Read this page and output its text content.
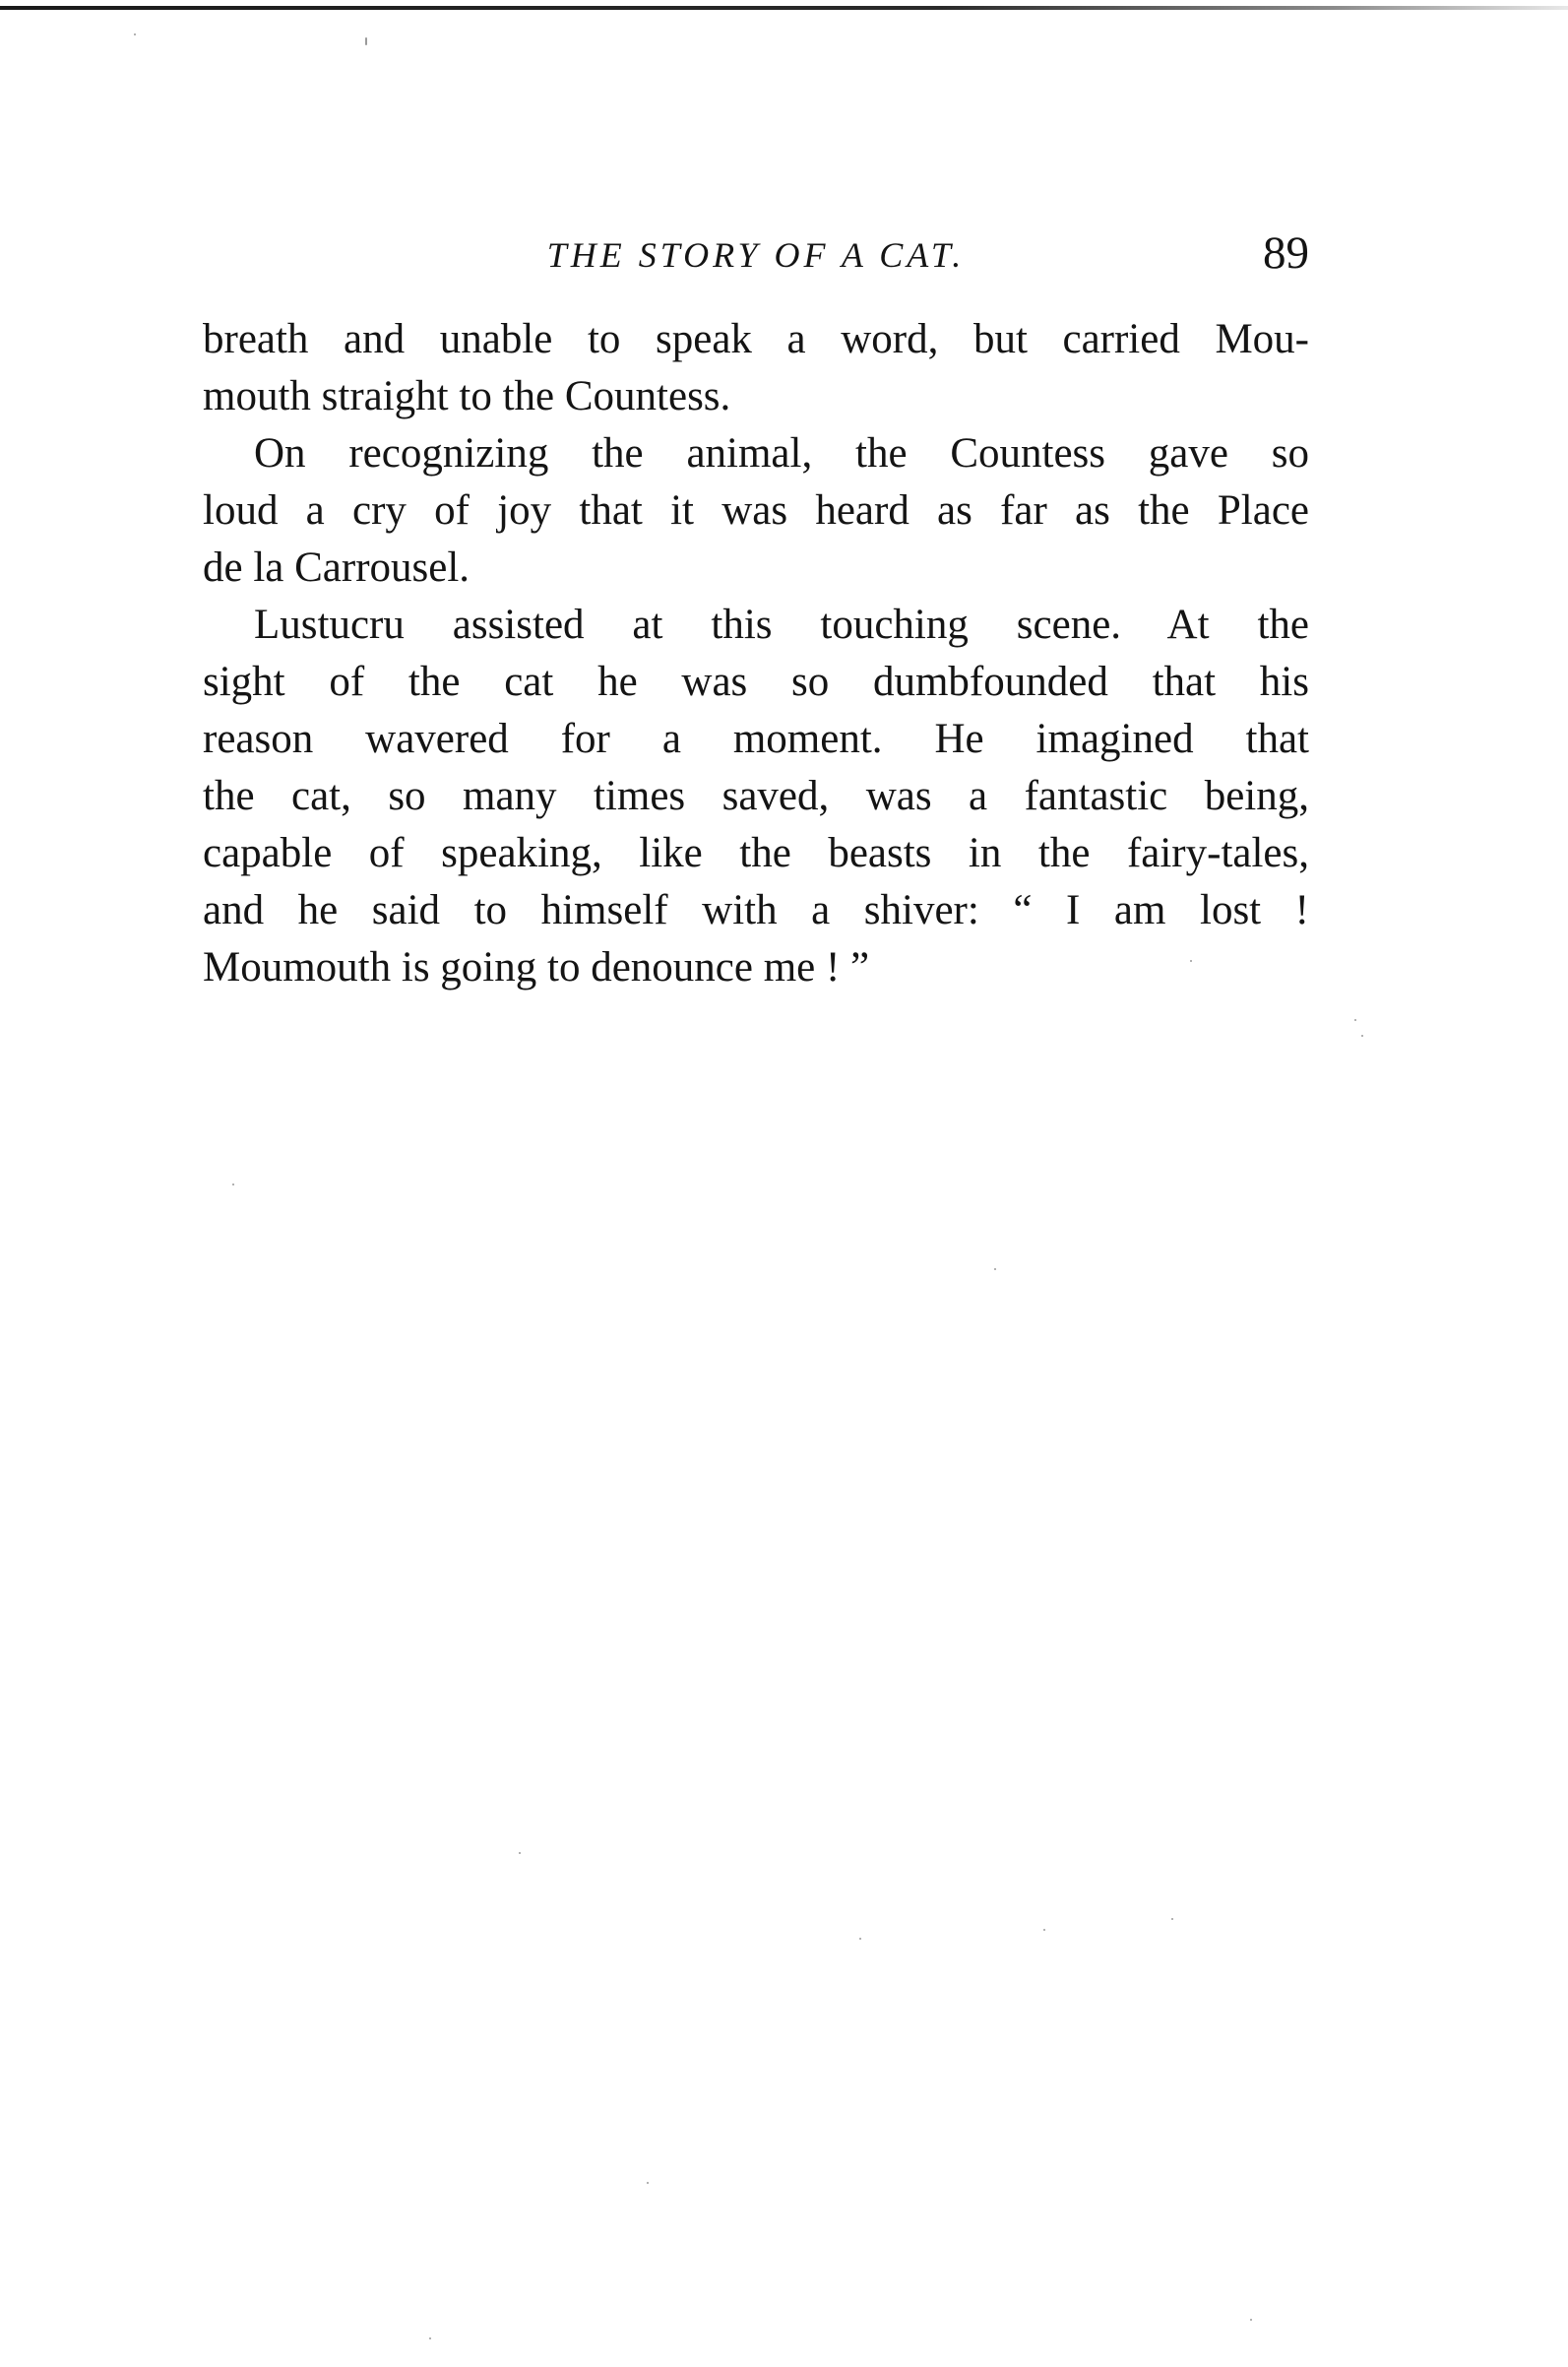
THE STORY OF A CAT.	89
breath and unable to speak a word, but carried Mou-
mouth straight to the Countess.
On recognizing the animal, the Countess gave so
loud a cry of joy that it was heard as far as the Place
de la Carrousel.
Lustucru assisted at this touching scene. At the
sight of the cat he was so dumbfounded that his
reason wavered for a moment. He imagined that
the cat, so many times saved, was a fantastic being,
capable of speaking, like the beasts in the fairy-tales,
and he said to himself with a shiver: “ I am lost !
Moumouth is going to denounce me ! ”
